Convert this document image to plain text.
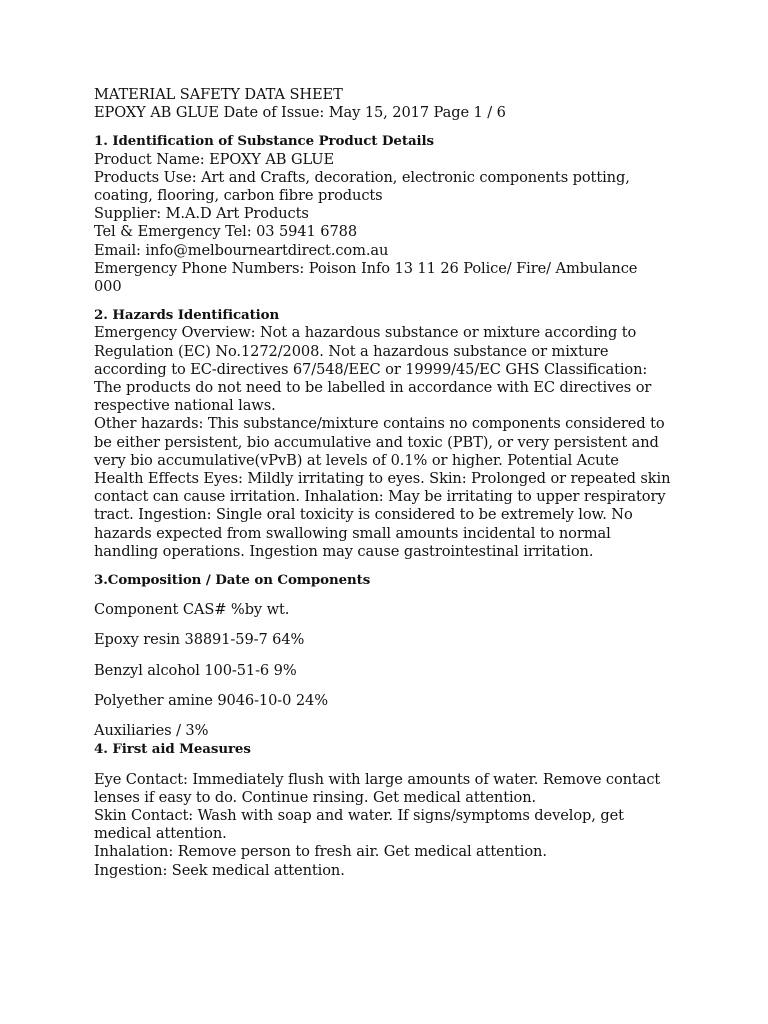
MATERIAL SAFETY DATA SHEET
EPOXY AB GLUE Date of Issue: May 15, 2017 Page 1 / 6
1. Identification of Substance Product Details
Product Name: EPOXY AB GLUE
Products Use: Art and Crafts, decoration, electronic components potting,
coating, flooring, carbon fibre products
Supplier: M.A.D Art Products
Tel & Emergency Tel: 03 5941 6788
Email: info@melbourneartdirect.com.au
Emergency Phone Numbers: Poison Info 13 11 26 Police/ Fire/ Ambulance
000
2. Hazards Identification
Emergency Overview: Not a hazardous substance or mixture according to
Regulation (EC) No.1272/2008. Not a hazardous substance or mixture
according to EC-directives 67/548/EEC or 19999/45/EC GHS Classification:
The products do not need to be labelled in accordance with EC directives or
respective national laws.
Other hazards: This substance/mixture contains no components considered to
be either persistent, bio accumulative and toxic (PBT), or very persistent and
very bio accumulative(vPvB) at levels of 0.1% or higher. Potential Acute
Health Effects Eyes: Mildly irritating to eyes. Skin: Prolonged or repeated skin
contact can cause irritation. Inhalation: May be irritating to upper respiratory
tract. Ingestion: Single oral toxicity is considered to be extremely low. No
hazards expected from swallowing small amounts incidental to normal
handling operations. Ingestion may cause gastrointestinal irritation.
3.Composition / Date on Components
Component CAS# %by wt.
Epoxy resin 38891-59-7 64%
Benzyl alcohol 100-51-6 9%
Polyether amine 9046-10-0 24%
Auxiliaries / 3%
4. First aid Measures
Eye Contact: Immediately flush with large amounts of water. Remove contact
lenses if easy to do. Continue rinsing. Get medical attention.
Skin Contact: Wash with soap and water. If signs/symptoms develop, get
medical attention.
Inhalation: Remove person to fresh air. Get medical attention.
Ingestion: Seek medical attention.
